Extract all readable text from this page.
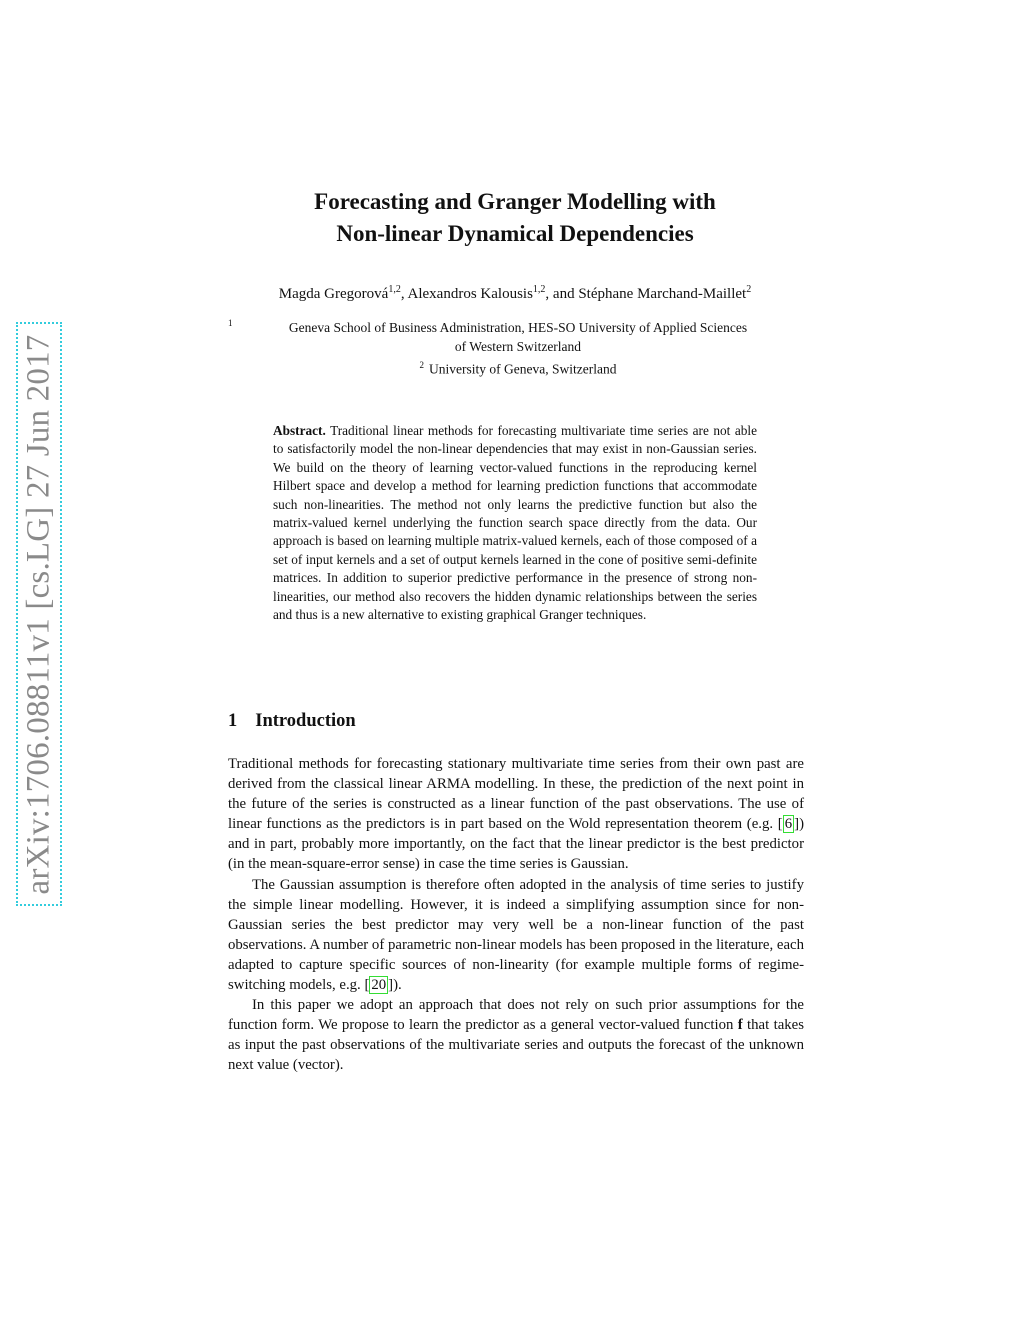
arXiv:1706.08811v1 [cs.LG] 27 Jun 2017
Forecasting and Granger Modelling with
Non-linear Dynamical Dependencies
Magda Gregorová$^{1,2}$, Alexandros Kalousis$^{1,2}$, and Stéphane Marchand-Maillet$^2$
1	Geneva School of Business Administration, HES-SO University of Applied Sciences
of Western Switzerland
$^2$ University of Geneva, Switzerland
Abstract. Traditional linear methods for forecasting multivariate time series are not able to satisfactorily model the non-linear dependencies that may exist in non-Gaussian series. We build on the theory of learning vector-valued functions in the reproducing kernel Hilbert space and develop a method for learning prediction functions that accommodate such non-linearities. The method not only learns the predictive function but also the matrix-valued kernel underlying the function search space directly from the data. Our approach is based on learning multiple matrix-valued kernels, each of those composed of a set of input kernels and a set of output kernels learned in the cone of positive semi-definite matrices. In addition to superior predictive performance in the presence of strong non-linearities, our method also recovers the hidden dynamic relationships between the series and thus is a new alternative to existing graphical Granger techniques.
1 Introduction

Traditional methods for forecasting stationary multivariate time series from their own past are derived from the classical linear ARMA modelling. In these, the prediction of the next point in the future of the series is constructed as a linear function of the past observations. The use of linear functions as the predictors is in part based on the Wold representation theorem (e.g. [ 6 ]) and in part, probably more importantly, on the fact that the linear predictor is the best predictor (in the mean-square-error sense) in case the time series is Gaussian.

The Gaussian assumption is therefore often adopted in the analysis of time series to justify the simple linear modelling. However, it is indeed a simplifying assumption since for non-Gaussian series the best predictor may very well be a non-linear function of the past observations. A number of parametric non-linear models has been proposed in the literature, each adapted to capture specific sources of non-linearity (for example multiple forms of regime-switching models, e.g. [ 20 ]).

In this paper we adopt an approach that does not rely on such prior assumptions for the function form. We propose to learn the predictor as a general vector-valued function f that takes as input the past observations of the multivariate series and outputs the forecast of the unknown next value (vector).
